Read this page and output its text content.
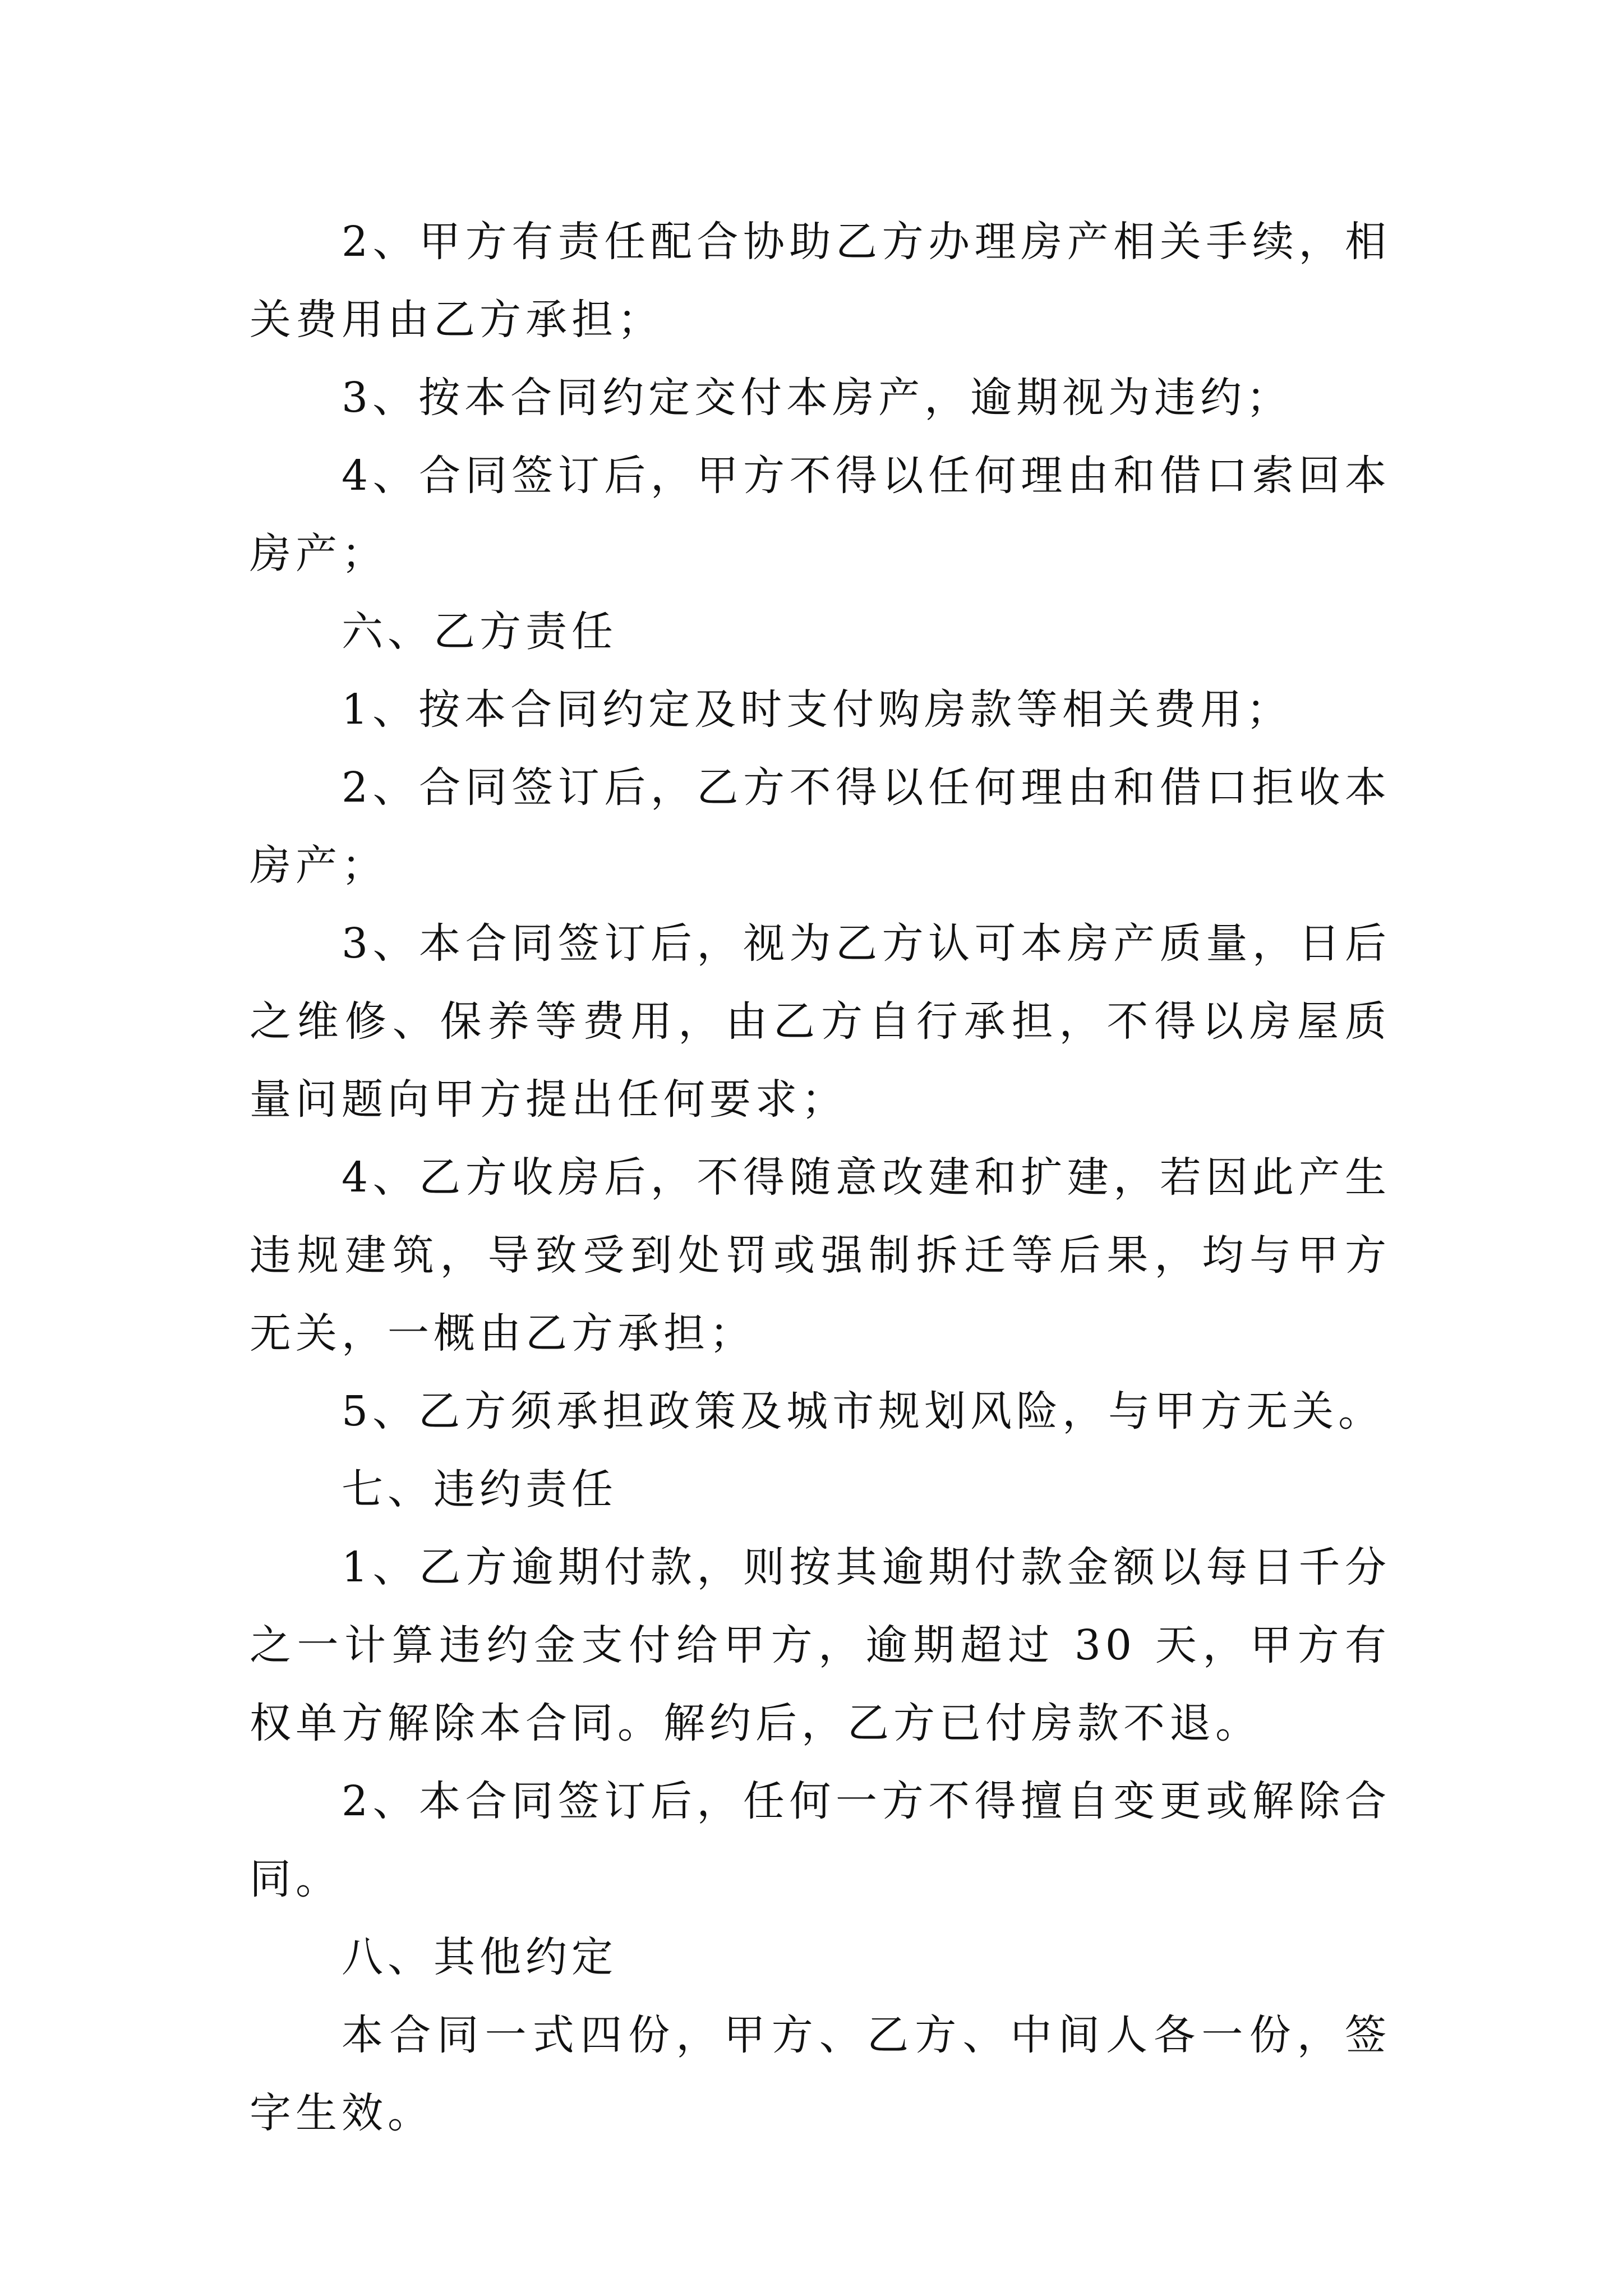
2、甲方有责任配合协助乙方办理房产相关手续，相关费用由乙方承担；

3、按本合同约定交付本房产，逾期视为违约；

4、合同签订后，甲方不得以任何理由和借口索回本房产；

六、乙方责任

1、按本合同约定及时支付购房款等相关费用；

2、合同签订后，乙方不得以任何理由和借口拒收本房产；

3、本合同签订后，视为乙方认可本房产质量，日后之维修、保养等费用，由乙方自行承担，不得以房屋质量问题向甲方提出任何要求；

4、乙方收房后，不得随意改建和扩建，若因此产生违规建筑，导致受到处罚或强制拆迁等后果，均与甲方无关，一概由乙方承担；

5、乙方须承担政策及城市规划风险，与甲方无关。

七、违约责任

1、乙方逾期付款，则按其逾期付款金额以每日千分之一计算违约金支付给甲方，逾期超过 30 天，甲方有权单方解除本合同。解约后，乙方已付房款不退。

2、本合同签订后，任何一方不得擅自变更或解除合同。

八、其他约定

本合同一式四份，甲方、乙方、中间人各一份，签字生效。
